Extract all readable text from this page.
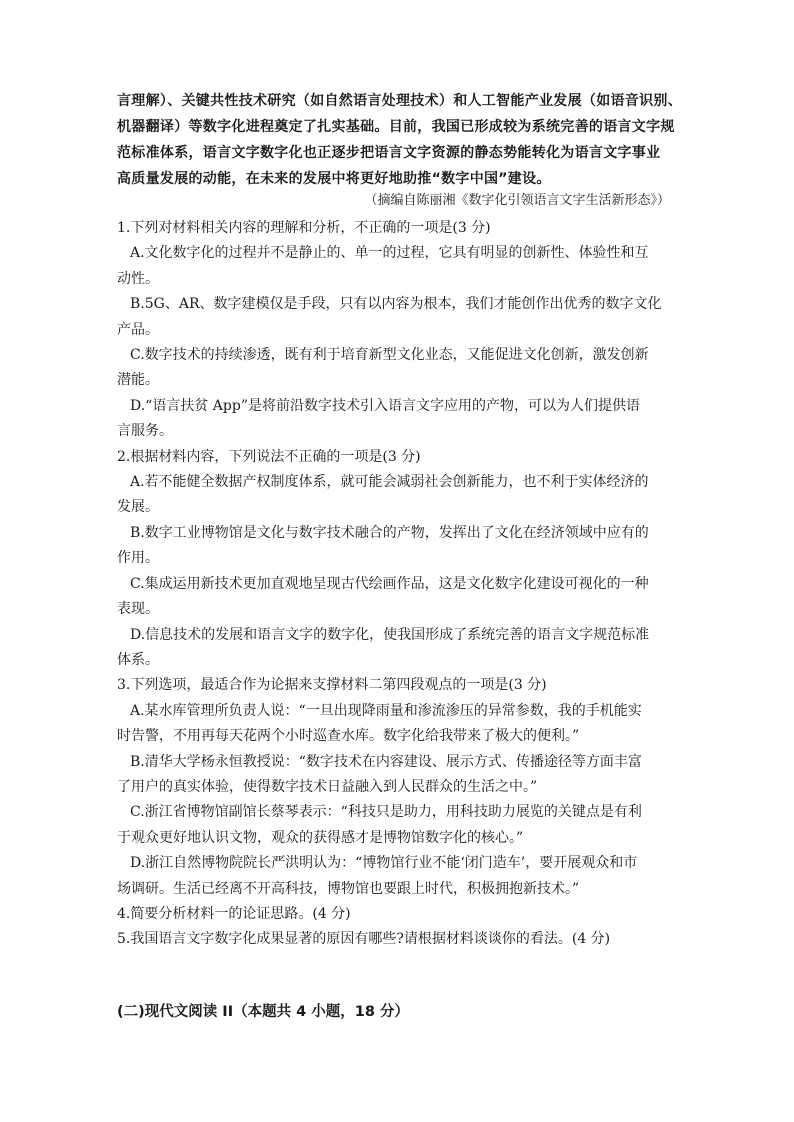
言理解）、关键共性技术研究（如自然语言处理技术）和人工智能产业发展（如语音识别、
机器翻译）等数字化进程奠定了扎实基础。目前，我国已形成较为系统完善的语言文字规
范标准体系，语言文字数字化也正逐步把语言文字资源的静态势能转化为语言文字事业
高质量发展的动能，在未来的发展中将更好地助推“数字中国”建设。
（摘编自陈丽湘《数字化引领语言文字生活新形态》）
1.下列对材料相关内容的理解和分析，不正确的一项是(3 分)
A.文化数字化的过程并不是静止的、单一的过程，它具有明显的创新性、体验性和互
动性。
B.5G、AR、数字建模仅是手段，只有以内容为根本，我们才能创作出优秀的数字文化
产品。
C.数字技术的持续渗透，既有利于培育新型文化业态，又能促进文化创新，激发创新
潜能。
D.“语言扶贫 App”是将前沿数字技术引入语言文字应用的产物，可以为人们提供语
言服务。
2.根据材料内容，下列说法不正确的一项是(3 分)
A.若不能健全数据产权制度体系，就可能会减弱社会创新能力，也不利于实体经济的
发展。
B.数字工业博物馆是文化与数字技术融合的产物，发挥出了文化在经济领域中应有的
作用。
C.集成运用新技术更加直观地呈现古代绘画作品，这是文化数字化建设可视化的一种
表现。
D.信息技术的发展和语言文字的数字化，使我国形成了系统完善的语言文字规范标准
体系。
3.下列选项，最适合作为论据来支撑材料二第四段观点的一项是(3 分)
A.某水库管理所负责人说：“一旦出现降雨量和渗流渗压的异常参数，我的手机能实
时告警，不用再每天花两个小时巡查水库。数字化给我带来了极大的便利。”
B.清华大学杨永恒教授说：“数字技术在内容建设、展示方式、传播途径等方面丰富
了用户的真实体验，使得数字技术日益融入到人民群众的生活之中。”
C.浙江省博物馆副馆长蔡琴表示：“科技只是助力，用科技助力展览的关键点是有利
于观众更好地认识文物，观众的获得感才是博物馆数字化的核心。”
D.浙江自然博物院院长严洪明认为：“博物馆行业不能‘闭门造车’，要开展观众和市
场调研。生活已经离不开高科技，博物馆也要跟上时代，积极拥抱新技术。”
4.简要分析材料一的论证思路。(4 分)
5.我国语言文字数字化成果显著的原因有哪些?请根据材料谈谈你的看法。(4 分)
(二)现代文阅读 II（本题共 4 小题，18 分）
